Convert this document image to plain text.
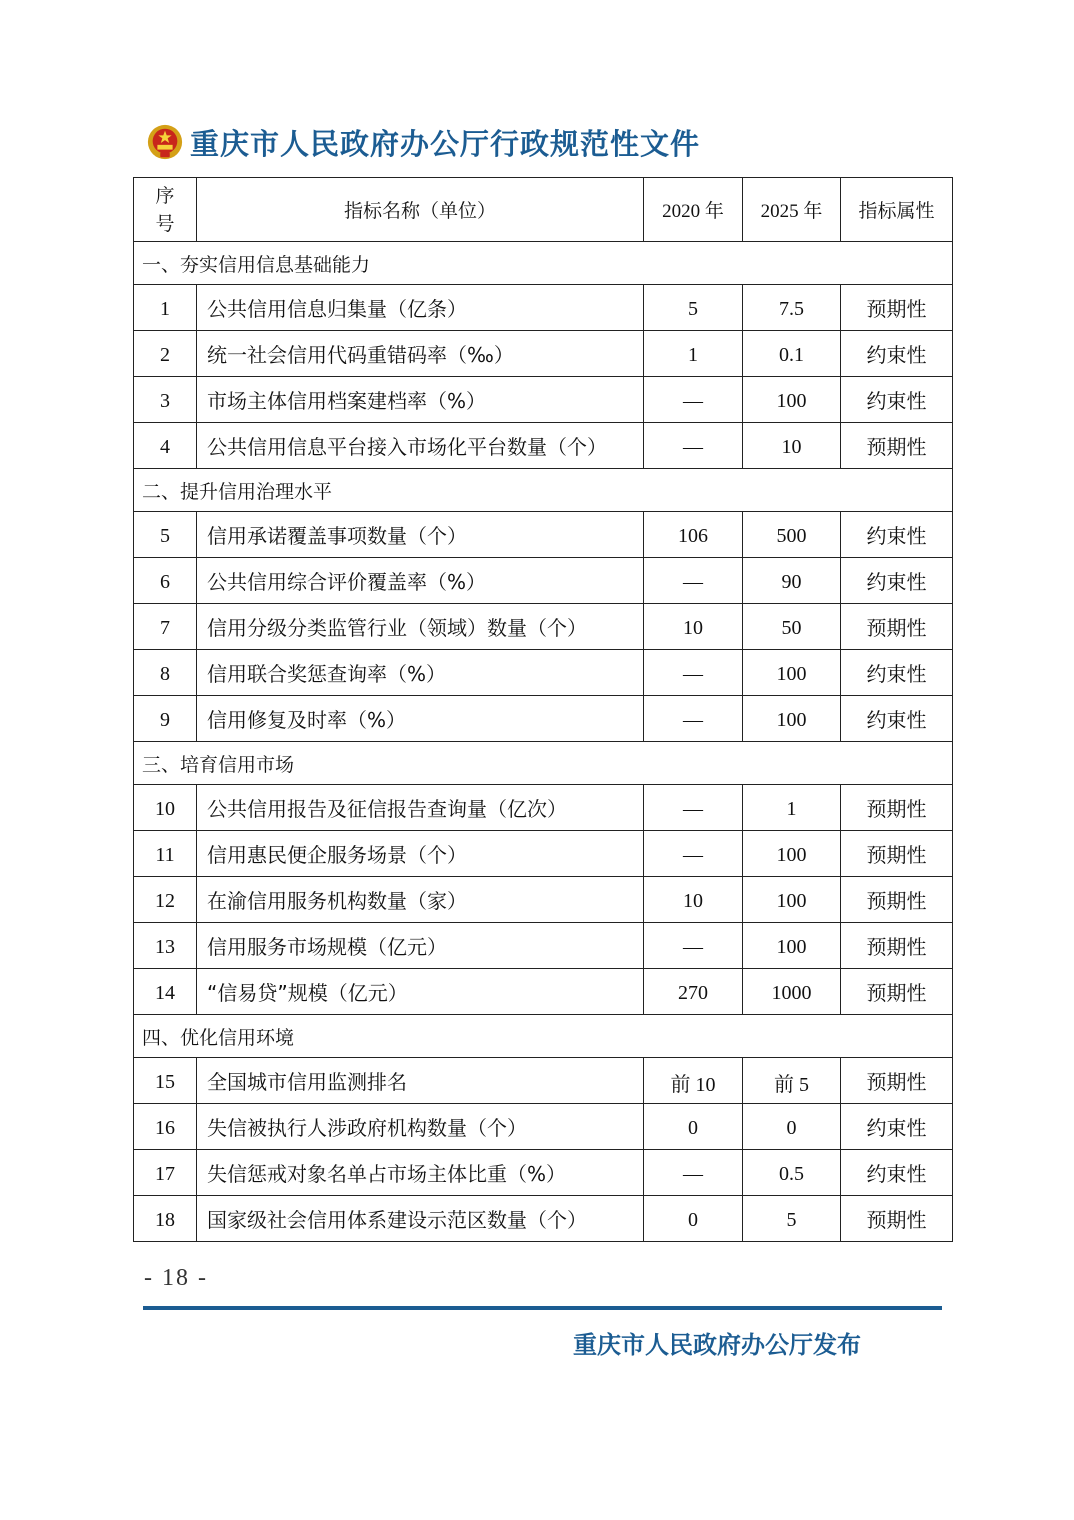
重庆市人民政府办公厅行政规范性文件
序
号	指标名称（单位）	2020 年	2025 年	指标属性
一、夯实信用信息基础能力				
1	公共信用信息归集量（亿条）	5	7.5	预期性
2	统一社会信用代码重错码率（‰）	1	0.1	约束性
3	市场主体信用档案建档率（%）	—	100	约束性
4	公共信用信息平台接入市场化平台数量（个）	—	10	预期性
二、提升信用治理水平				
5	信用承诺覆盖事项数量（个）	106	500	约束性
6	公共信用综合评价覆盖率（%）	—	90	约束性
7	信用分级分类监管行业（领域）数量（个）	10	50	预期性
8	信用联合奖惩查询率（%）	—	100	约束性
9	信用修复及时率（%）	—	100	约束性
三、培育信用市场				
10	公共信用报告及征信报告查询量（亿次）	—	1	预期性
11	信用惠民便企服务场景（个）	—	100	预期性
12	在渝信用服务机构数量（家）	10	100	预期性
13	信用服务市场规模（亿元）	—	100	预期性
14	“信易贷”规模（亿元）	270	1000	预期性
四、优化信用环境				
15	全国城市信用监测排名	前 10	前 5	预期性
16	失信被执行人涉政府机构数量（个）	0	0	约束性
17	失信惩戒对象名单占市场主体比重（%）	—	0.5	约束性
18	国家级社会信用体系建设示范区数量（个）	0	5	预期性
- 18 -
重庆市人民政府办公厅发布
